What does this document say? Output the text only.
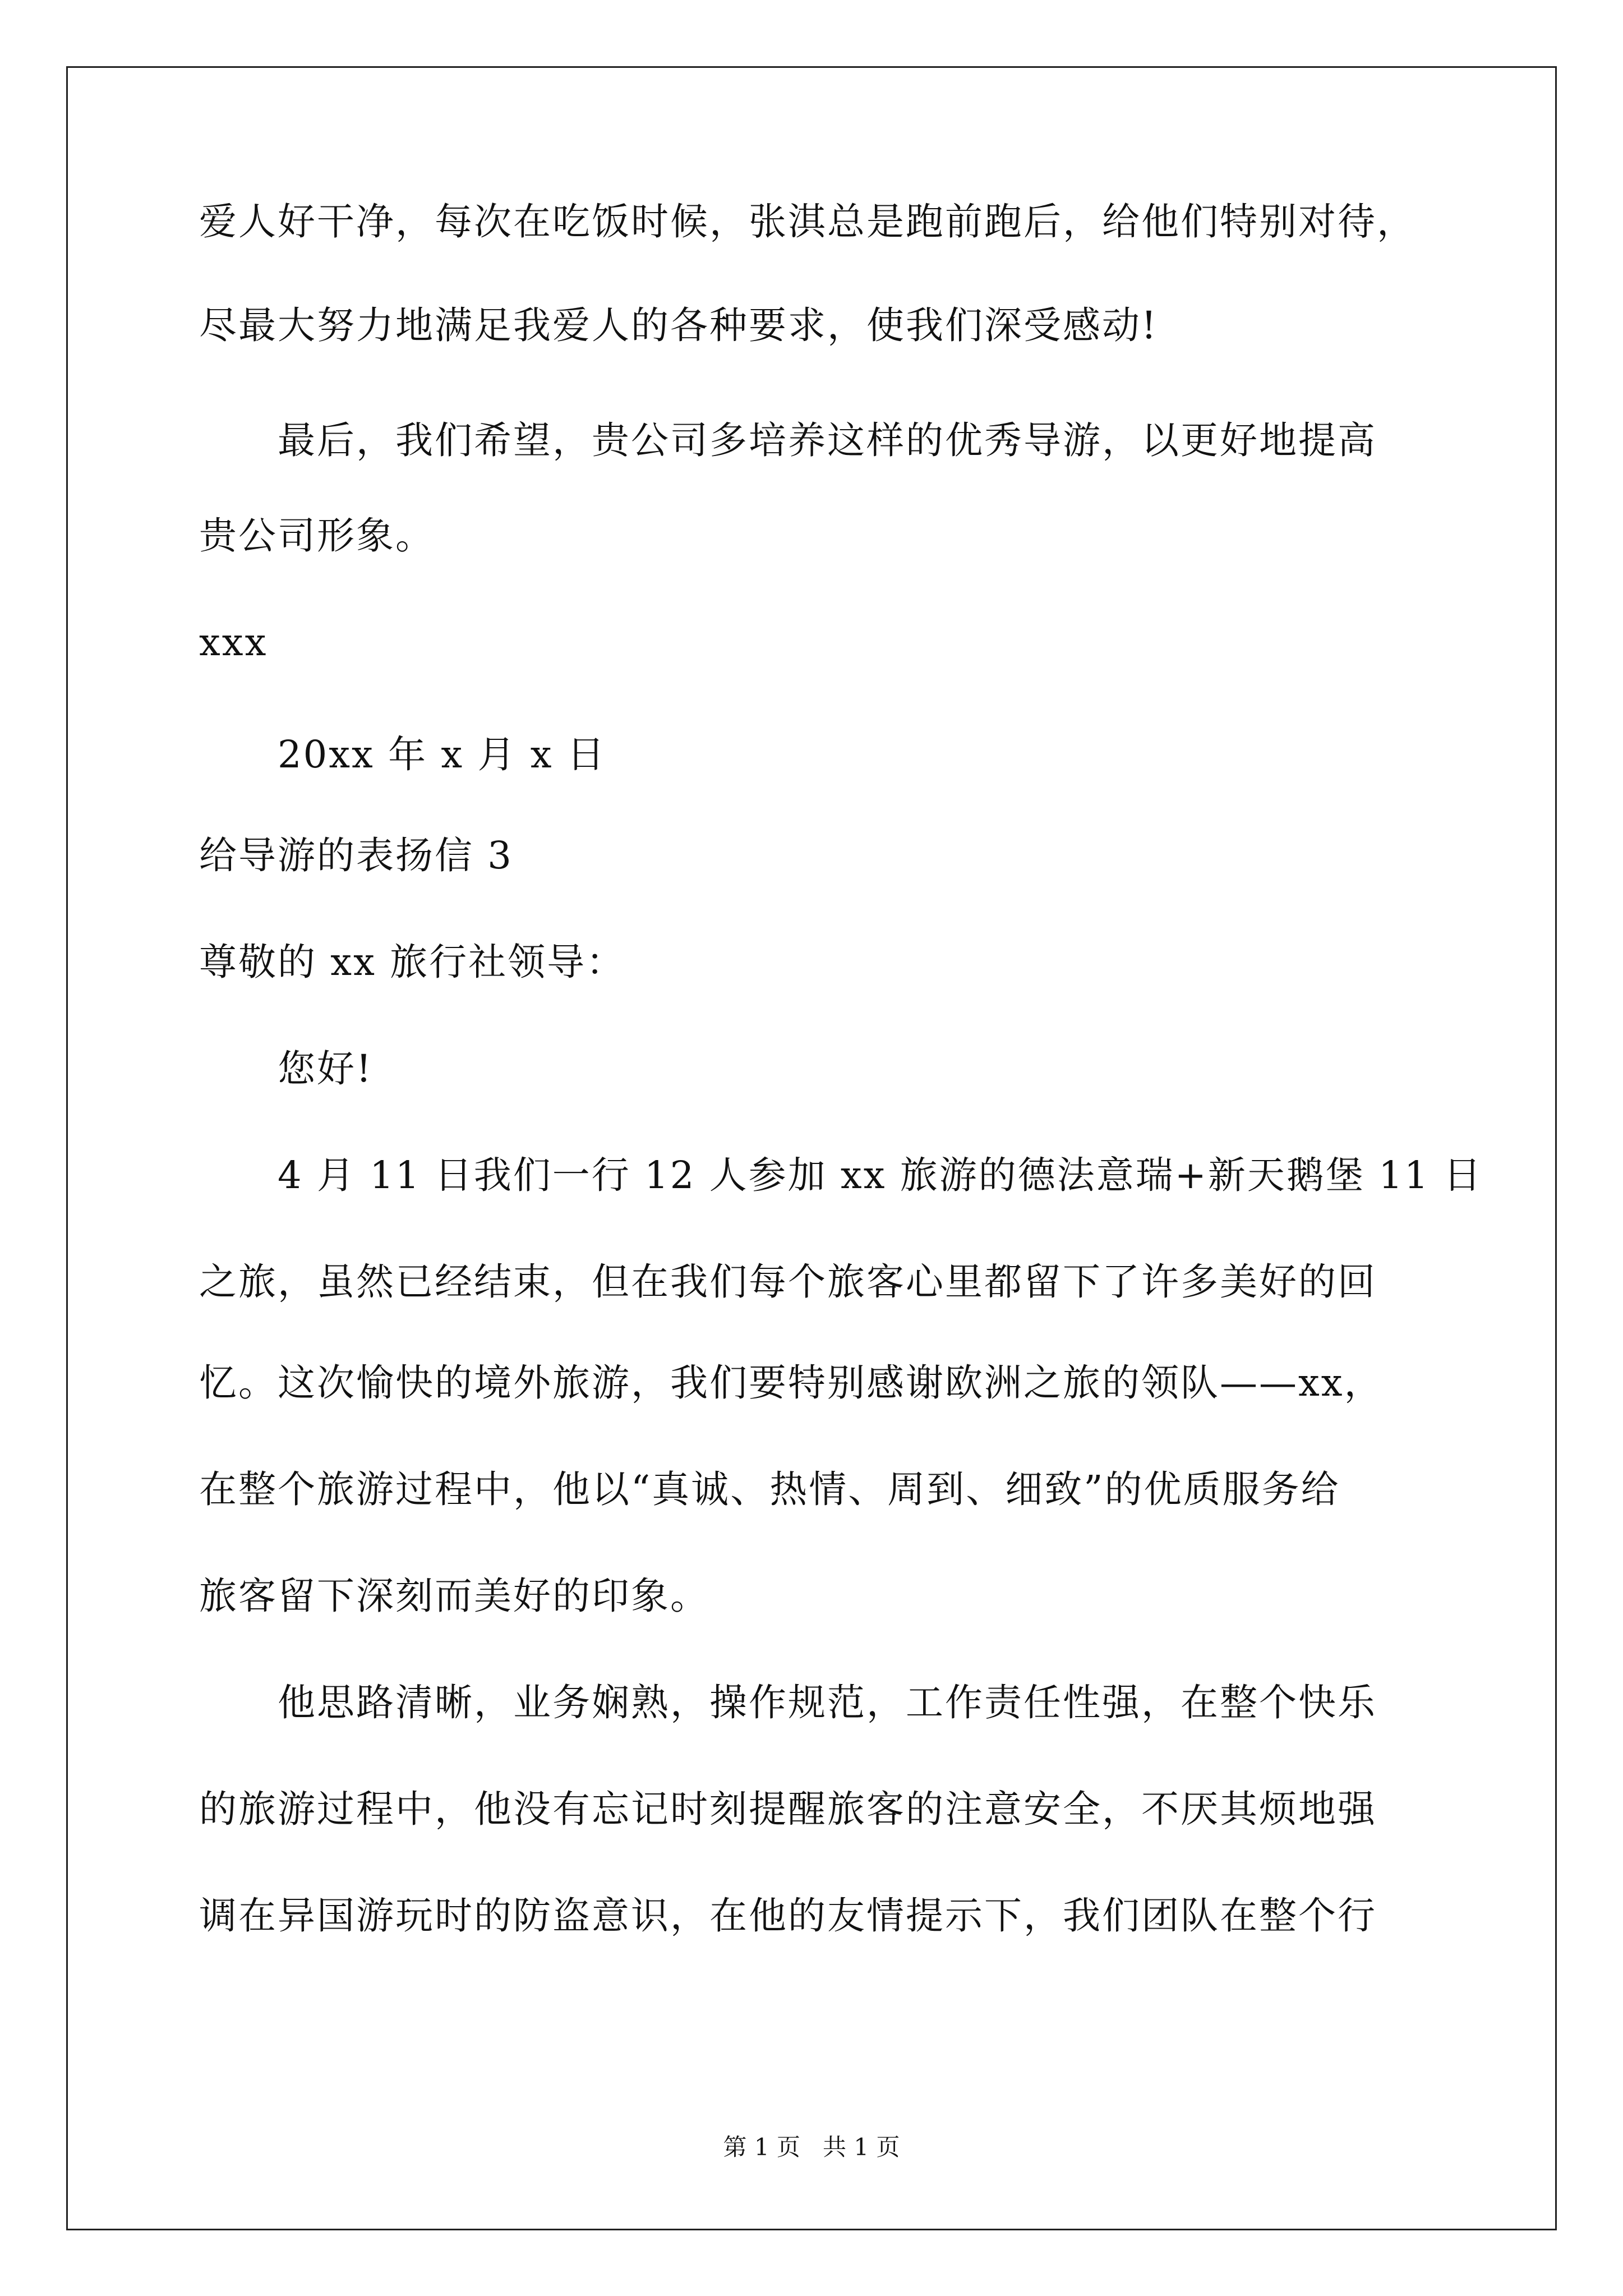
爱人好干净，每次在吃饭时候，张淇总是跑前跑后，给他们特别对待，
尽最大努力地满足我爱人的各种要求，使我们深受感动!
最后，我们希望，贵公司多培养这样的优秀导游，以更好地提高
贵公司形象。
xxx
20xx 年 x 月 x 日
给导游的表扬信 3
尊敬的 xx 旅行社领导：
您好!
4 月 11 日我们一行 12 人参加 xx 旅游的德法意瑞+新天鹅堡 11 日
之旅，虽然已经结束，但在我们每个旅客心里都留下了许多美好的回
忆。这次愉快的境外旅游，我们要特别感谢欧洲之旅的领队——xx，
在整个旅游过程中，他以“真诚、热情、周到、细致”的优质服务给
旅客留下深刻而美好的印象。
他思路清晰，业务娴熟，操作规范，工作责任性强，在整个快乐
的旅游过程中，他没有忘记时刻提醒旅客的注意安全，不厌其烦地强
调在异国游玩时的防盗意识，在他的友情提示下，我们团队在整个行
第 1 页   共 1 页
